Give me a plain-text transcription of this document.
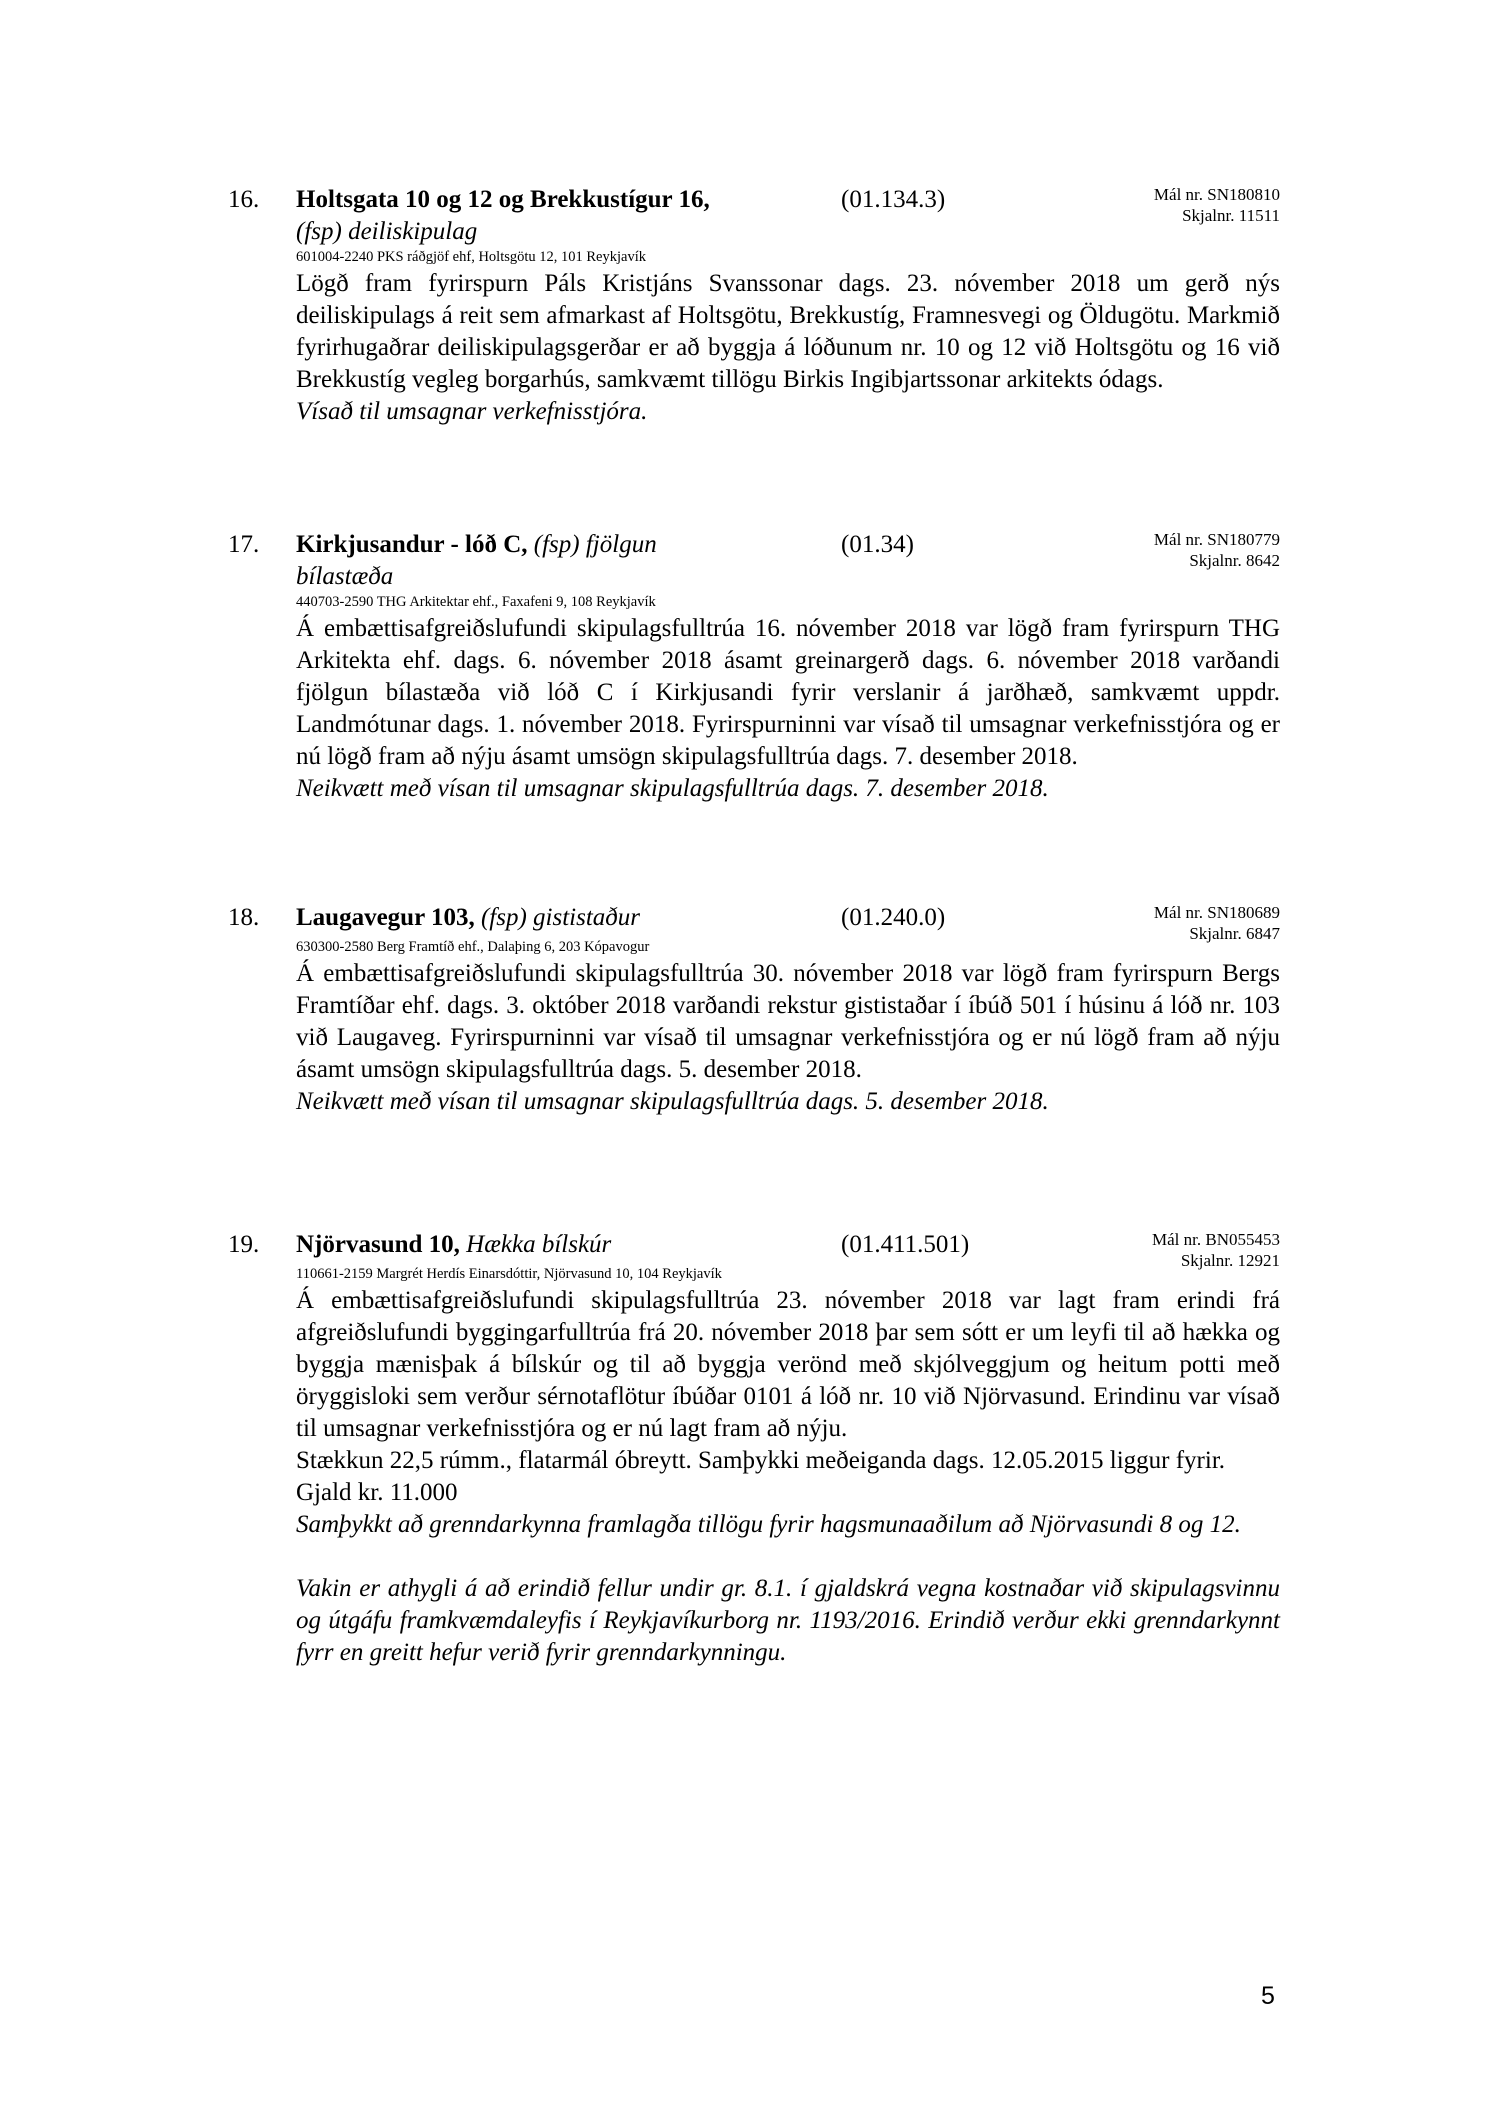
16. Holtsgata 10 og 12 og Brekkustígur 16,
(fsp) deiliskipulag
(01.134.3)	Mál nr. SN180810
Skjalnr. 11511
601004-2240 PKS ráðgjöf ehf, Holtsgötu 12, 101 Reykjavík

Lögð fram fyrirspurn Páls Kristjáns Svanssonar dags. 23. nóvember 2018 um gerð nýs deiliskipulags á reit sem afmarkast af Holtsgötu, Brekkustíg, Framnesvegi og Öldugötu. Markmið fyrirhugaðrar deiliskipulagsgerðar er að byggja á lóðunum nr. 10 og 12 við Holtsgötu og 16 við Brekkustíg vegleg borgarhús, samkvæmt tillögu Birkis Ingibjartssonar arkitekts ódags.

Vísað til umsagnar verkefnisstjóra.

17. Kirkjusandur - lóð C, (fsp) fjölgun
bílastæða
(01.34)	Mál nr. SN180779
Skjalnr. 8642
440703-2590 THG Arkitektar ehf., Faxafeni 9, 108 Reykjavík

Á embættisafgreiðslufundi skipulagsfulltrúa 16. nóvember 2018 var lögð fram fyrirspurn THG Arkitekta ehf. dags. 6. nóvember 2018 ásamt greinargerð dags. 6. nóvember 2018 varðandi fjölgun bílastæða við lóð C í Kirkjusandi fyrir verslanir á jarðhæð, samkvæmt uppdr. Landmótunar dags. 1. nóvember 2018. Fyrirspurninni var vísað til umsagnar verkefnisstjóra og er nú lögð fram að nýju ásamt umsögn skipulagsfulltrúa dags. 7. desember 2018.

Neikvætt með vísan til umsagnar skipulagsfulltrúa dags. 7. desember 2018.

18. Laugavegur 103, (fsp) gististaður	(01.240.0)	Mál nr. SN180689
Skjalnr. 6847
630300-2580 Berg Framtíð ehf., Dalaþing 6, 203 Kópavogur

Á embættisafgreiðslufundi skipulagsfulltrúa 30. nóvember 2018 var lögð fram fyrirspurn Bergs Framtíðar ehf. dags. 3. október 2018 varðandi rekstur gististaðar í íbúð 501 í húsinu á lóð nr. 103 við Laugaveg. Fyrirspurninni var vísað til umsagnar verkefnisstjóra og er nú lögð fram að nýju ásamt umsögn skipulagsfulltrúa dags. 5. desember 2018.

Neikvætt með vísan til umsagnar skipulagsfulltrúa dags. 5. desember 2018.

19. Njörvasund 10, Hækka bílskúr	(01.411.501)	Mál nr. BN055453
Skjalnr. 12921
110661-2159 Margrét Herdís Einarsdóttir, Njörvasund 10, 104 Reykjavík

Á embættisafgreiðslufundi skipulagsfulltrúa 23. nóvember 2018 var lagt fram erindi frá afgreiðslufundi byggingarfulltrúa frá 20. nóvember 2018 þar sem sótt er um leyfi til að hækka og byggja mænisþak á bílskúr og til að byggja verönd með skjólveggjum og heitum potti með öryggisloki sem verður sérnotaflötur íbúðar 0101 á lóð nr. 10 við Njörvasund. Erindinu var vísað til umsagnar verkefnisstjóra og er nú lagt fram að nýju.

Stækkun 22,5 rúmm., flatarmál óbreytt. Samþykki meðeiganda dags. 12.05.2015 liggur fyrir. Gjald kr. 11.000

Samþykkt að grenndarkynna framlagða tillögu fyrir hagsmunaaðilum að Njörvasundi 8 og 12.

Vakin er athygli á að erindið fellur undir gr. 8.1. í gjaldskrá vegna kostnaðar við skipulagsvinnu og útgáfu framkvæmdaleyfis í Reykjavíkurborg nr. 1193/2016. Erindið verður ekki grenndarkynnt fyrr en greitt hefur verið fyrir grenndarkynningu.

5
